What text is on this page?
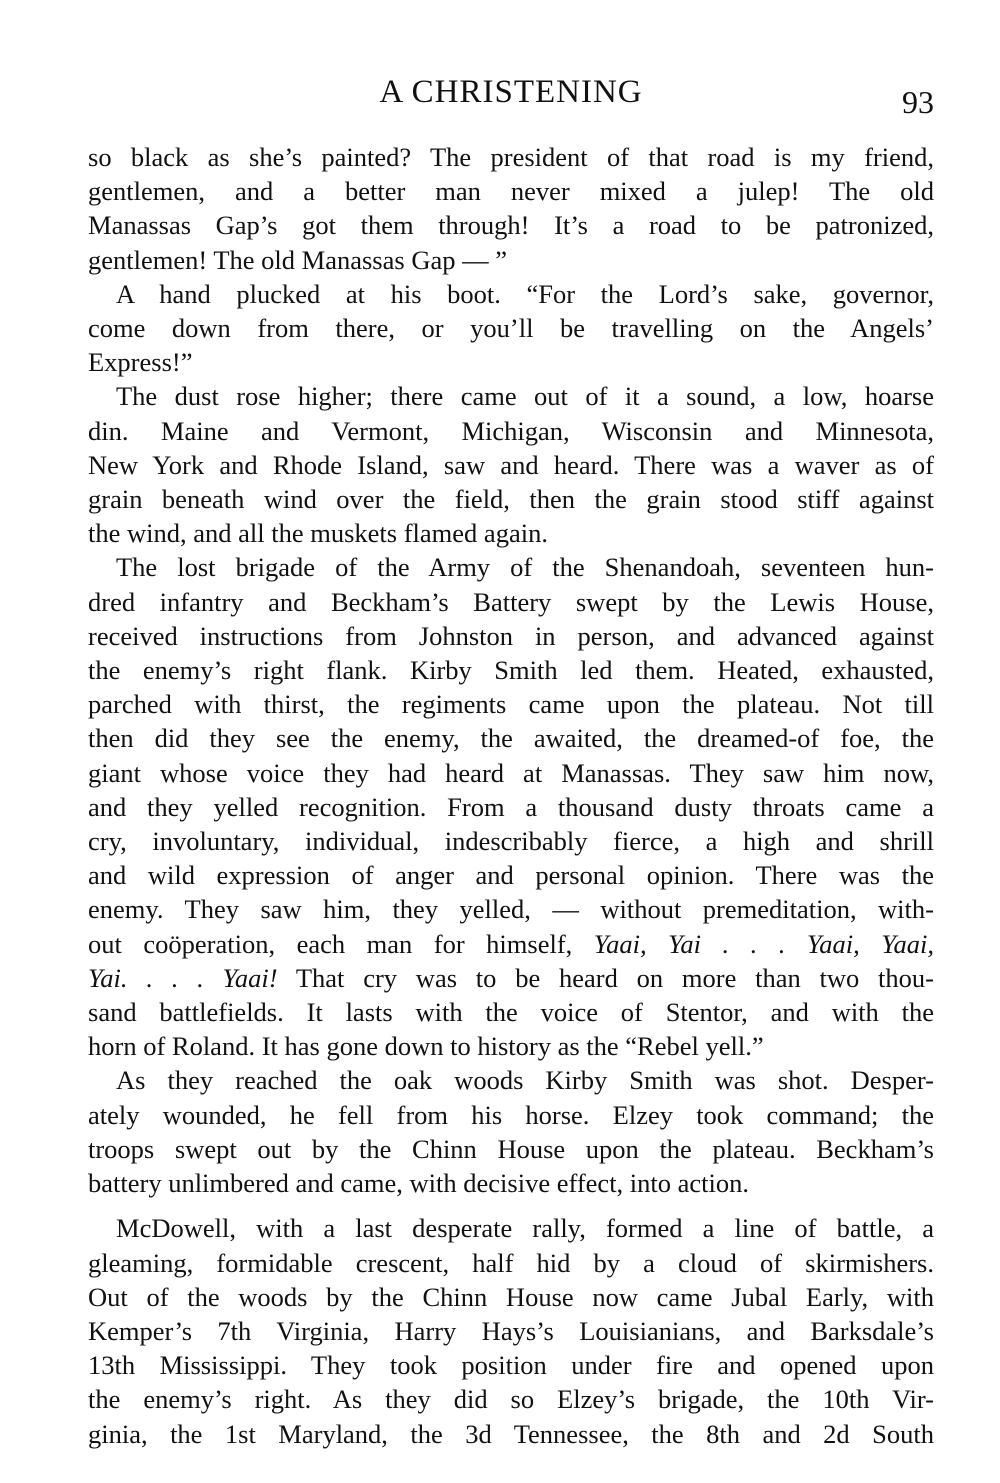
A CHRISTENING	93

so black as she’s painted? The president of that road is my friend,

gentlemen, and a better man never mixed a julep! The old

Manassas Gap’s got them through! It’s a road to be patronized,

gentlemen! The old Manassas Gap — ”

A hand plucked at his boot. “For the Lord’s sake, governor,

come down from there, or you’ll be travelling on the Angels’

Express!”

The dust rose higher; there came out of it a sound, a low, hoarse

din. Maine and Vermont, Michigan, Wisconsin and Minnesota,

New York and Rhode Island, saw and heard. There was a waver as of

grain beneath wind over the field, then the grain stood stiff against

the wind, and all the muskets flamed again.

The lost brigade of the Army of the Shenandoah, seventeen hun-

dred infantry and Beckham’s Battery swept by the Lewis House,

received instructions from Johnston in person, and advanced against

the enemy’s right flank. Kirby Smith led them. Heated, exhausted,

parched with thirst, the regiments came upon the plateau. Not till

then did they see the enemy, the awaited, the dreamed-of foe, the

giant whose voice they had heard at Manassas. They saw him now,

and they yelled recognition. From a thousand dusty throats came a

cry, involuntary, individual, indescribably fierce, a high and shrill

and wild expression of anger and personal opinion. There was the

enemy. They saw him, they yelled, — without premeditation, with-

out coöperation, each man for himself, Yaai, Yai . . . Yaai, Yaai,

Yai. . . . Yaai! That cry was to be heard on more than two thou-

sand battlefields. It lasts with the voice of Stentor, and with the

horn of Roland. It has gone down to history as the “Rebel yell.”

As they reached the oak woods Kirby Smith was shot. Desper-

ately wounded, he fell from his horse. Elzey took command; the

troops swept out by the Chinn House upon the plateau. Beckham’s

battery unlimbered and came, with decisive effect, into action.

McDowell, with a last desperate rally, formed a line of battle, a

gleaming, formidable crescent, half hid by a cloud of skirmishers.

Out of the woods by the Chinn House now came Jubal Early, with

Kemper’s 7th Virginia, Harry Hays’s Louisianians, and Barksdale’s

13th Mississippi. They took position under fire and opened upon

the enemy’s right. As they did so Elzey’s brigade, the 10th Vir-

ginia, the 1st Maryland, the 3d Tennessee, the 8th and 2d South
